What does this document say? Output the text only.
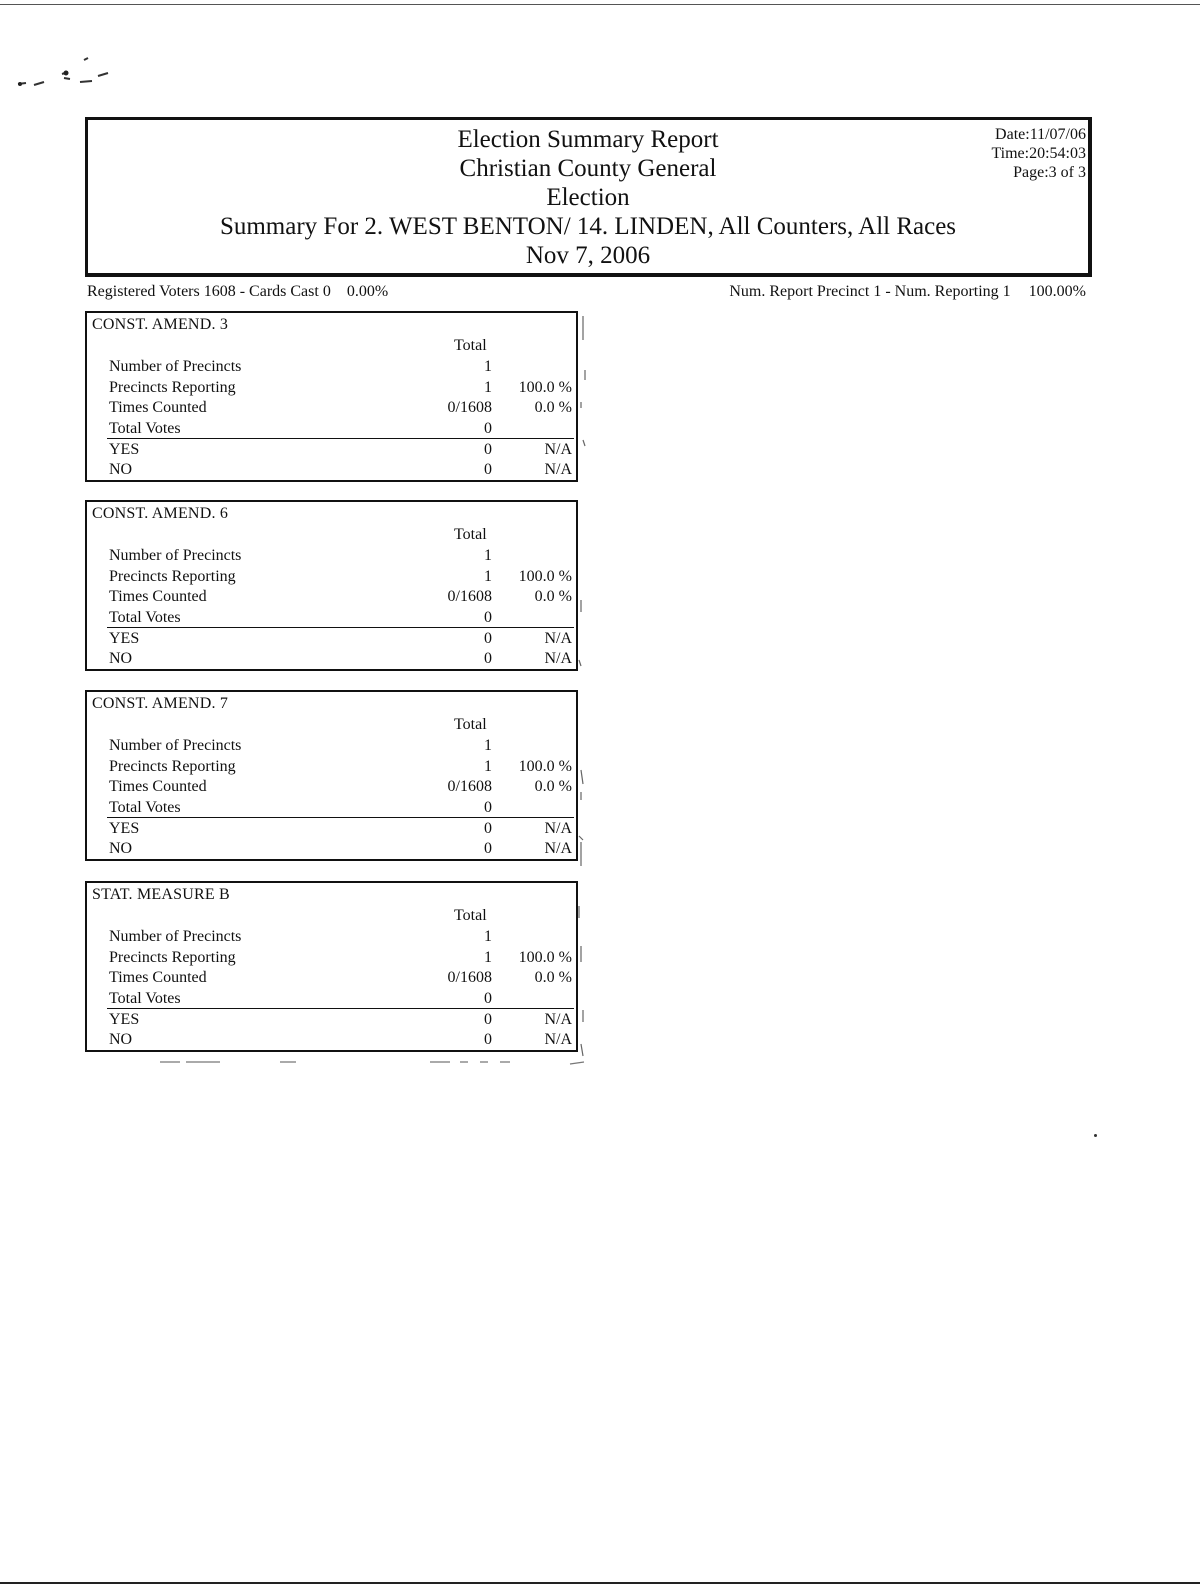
Election Summary Report
Christian County General
Election
Summary For 2. WEST BENTON/ 14. LINDEN, All Counters, All Races
Nov 7, 2006
Date:11/07/06
Time:20:54:03
Page:3 of 3
Registered Voters 1608 - Cards Cast 0 0.00%	Num. Report Precinct 1 - Num. Reporting 1 100.00%
CONST. AMEND. 3
Total
Number of Precincts	1
Precincts Reporting	1 100.0 %
Times Counted	0/1608	0.0 %
Total Votes	0
YES	0	N/A
NO	0	N/A
CONST. AMEND. 6
Total
Number of Precincts	1
Precincts Reporting	1 100.0 %
Times Counted	0/1608	0.0 %
Total Votes	0
YES	0	N/A
NO	0	N/A
CONST. AMEND. 7
Total
Number of Precincts	1
Precincts Reporting	1 100.0 %
Times Counted	0/1608	0.0 %
Total Votes	0
YES	0	N/A
NO	0	N/A
STAT. MEASURE B
Total
Number of Precincts	1
Precincts Reporting	1 100.0 %
Times Counted	0/1608	0.0 %
Total Votes	0
YES	0	N/A
NO	0	N/A
